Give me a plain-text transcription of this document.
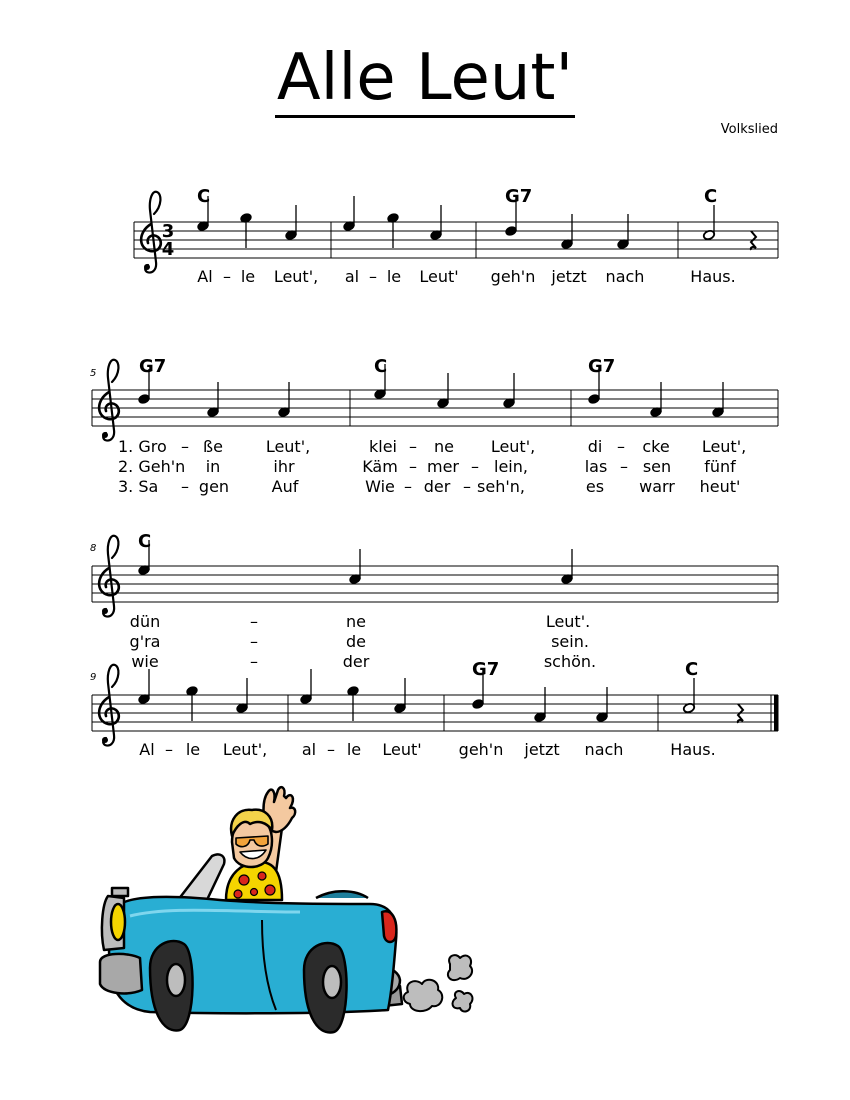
Alle Leut'
Volkslied
3
4
C	G7	C
Al – le Leut', al – le Leut' geh'n jetzt nach	Haus.
5 G7	C	G7
1. Gro – ße	Leut',	klei – ne Leut',	di – cke Leut',
2. Geh'n in	ihr	Käm – mer – lein,	las – sen fünf
3. Sa – gen	Auf	Wie – der – seh'n,	es warr heut'
8 C
dün	–	ne	Leut'.
g'ra	–	de	sein.
wie	–	der	schön.
9	G7	C
Al – le Leut', al – le Leut' geh'n jetzt nach	Haus.
